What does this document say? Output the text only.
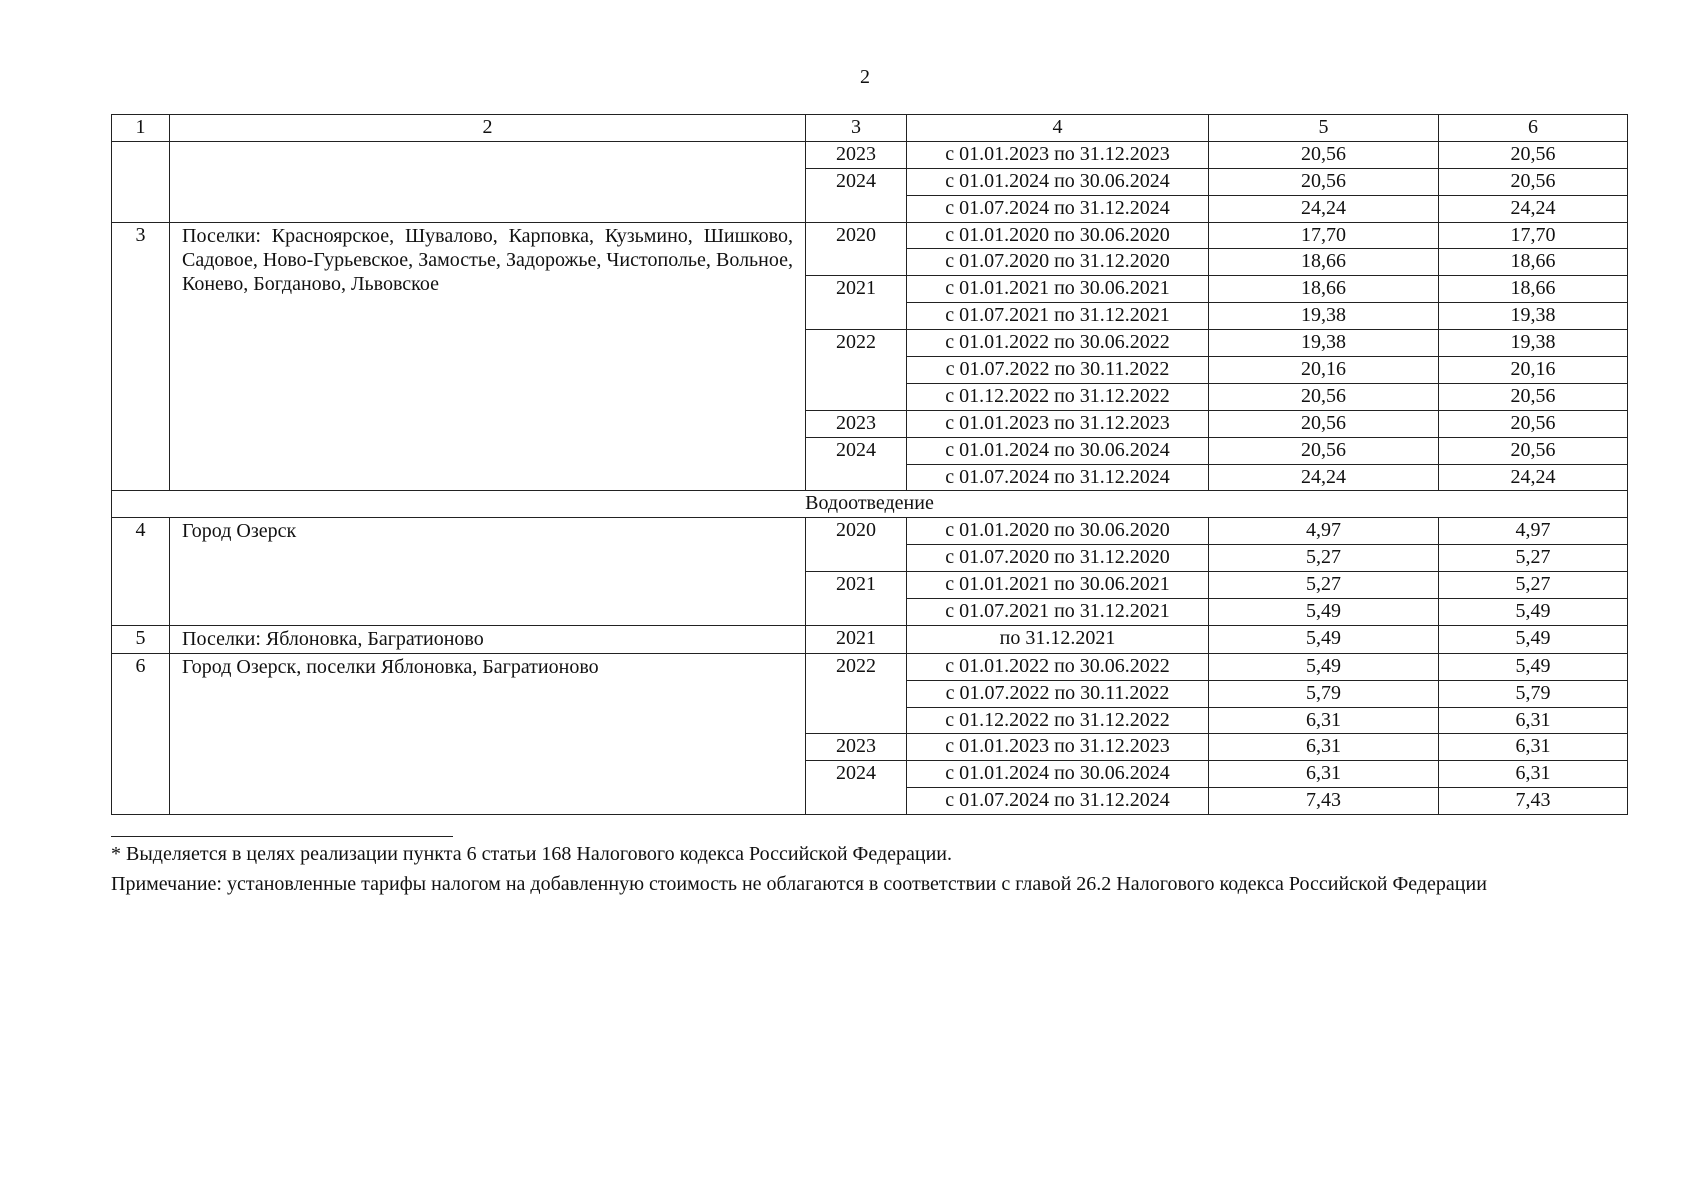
2
1	2	3	4	5	6
		2023	с 01.01.2023 по 31.12.2023	20,56	20,56
		2024	с 01.01.2024 по 30.06.2024	20,56	20,56
			с 01.07.2024 по 31.12.2024	24,24	24,24
3	Поселки: Красноярское, Шувалово, Карповка, Кузьмино, Шишково, Садовое, Ново-Гурьевское, Замостье, Задорожье, Чистополье, Вольное, Конево, Богданово, Львовское	2020	с 01.01.2020 по 30.06.2020	17,70	17,70
			с 01.07.2020 по 31.12.2020	18,66	18,66
		2021	с 01.01.2021 по 30.06.2021	18,66	18,66
			с 01.07.2021 по 31.12.2021	19,38	19,38
		2022	с 01.01.2022 по 30.06.2022	19,38	19,38
			с 01.07.2022 по 30.11.2022	20,16	20,16
			с 01.12.2022 по 31.12.2022	20,56	20,56
		2023	с 01.01.2023 по 31.12.2023	20,56	20,56
		2024	с 01.01.2024 по 30.06.2024	20,56	20,56
			с 01.07.2024 по 31.12.2024	24,24	24,24
Водоотведение					
4	Город Озерск	2020	с 01.01.2020 по 30.06.2020	4,97	4,97
			с 01.07.2020 по 31.12.2020	5,27	5,27
		2021	с 01.01.2021 по 30.06.2021	5,27	5,27
			с 01.07.2021 по 31.12.2021	5,49	5,49
5	Поселки: Яблоновка, Багратионово	2021	по 31.12.2021	5,49	5,49
6	Город Озерск, поселки Яблоновка, Багратионово	2022	с 01.01.2022 по 30.06.2022	5,49	5,49
			с 01.07.2022 по 30.11.2022	5,79	5,79
			с 01.12.2022 по 31.12.2022	6,31	6,31
		2023	с 01.01.2023 по 31.12.2023	6,31	6,31
		2024	с 01.01.2024 по 30.06.2024	6,31	6,31
			с 01.07.2024 по 31.12.2024	7,43	7,43
* Выделяется в целях реализации пункта 6 статьи 168 Налогового кодекса Российской Федерации.
Примечание: установленные тарифы налогом на добавленную стоимость не облагаются в соответствии с главой 26.2 Налогового кодекса Российской Федерации
